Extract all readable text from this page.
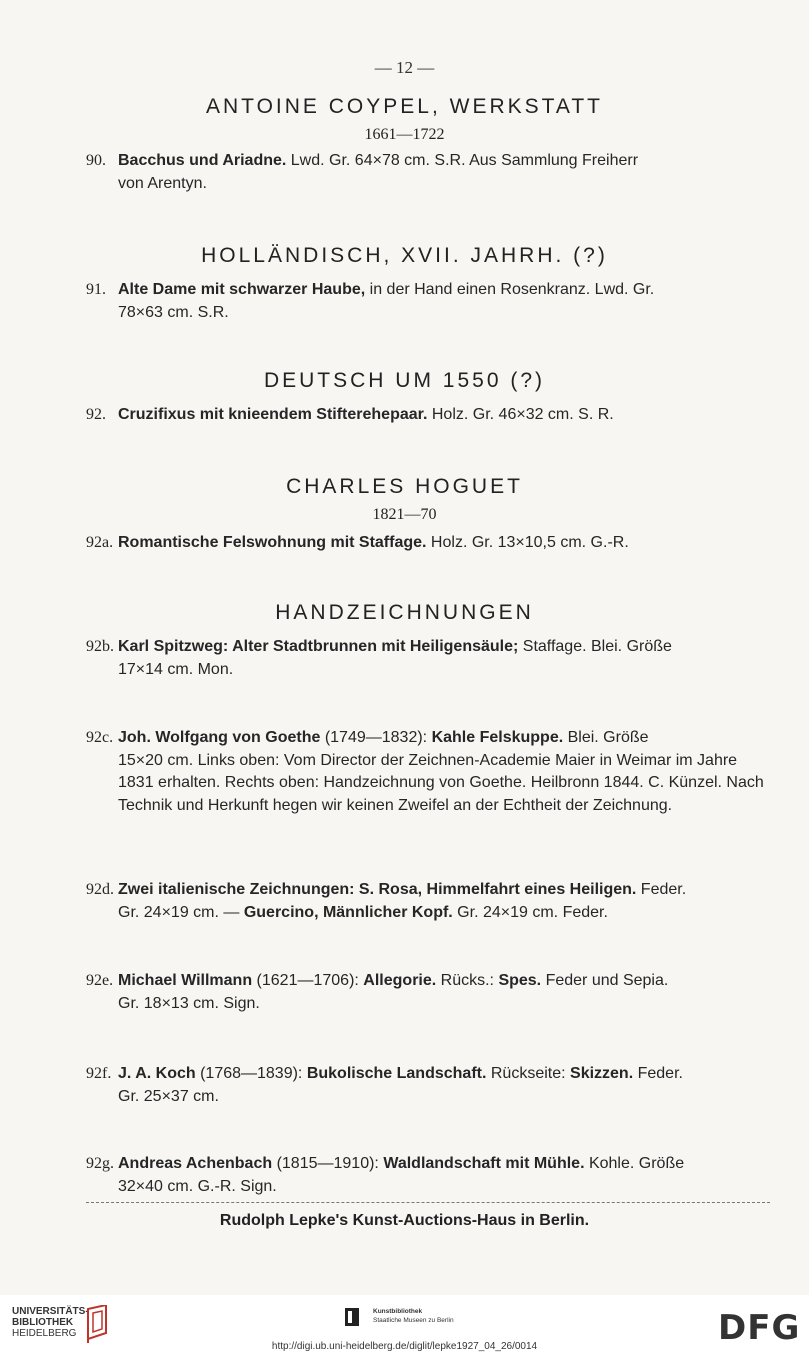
— 12 —
ANTOINE COYPEL, WERKSTATT
1661—1722
90. Bacchus und Ariadne. Lwd. Gr. 64×78 cm. S.R. Aus Sammlung Freiherr
von Arentyn.
HOLLÄNDISCH, XVII. JAHRH. (?)
91. Alte Dame mit schwarzer Haube, in der Hand einen Rosenkranz. Lwd. Gr.
78×63 cm. S.R.
DEUTSCH UM 1550 (?)
92. Cruzifixus mit knieendem Stifterehepaar. Holz. Gr. 46×32 cm. S. R.
CHARLES HOGUET
1821—70
92a. Romantische Felswohnung mit Staffage. Holz. Gr. 13×10,5 cm. G.-R.
HANDZEICHNUNGEN
92b. Karl Spitzweg: Alter Stadtbrunnen mit Heiligensäule; Staffage. Blei. Größe
17×14 cm. Mon.
92c. Joh. Wolfgang von Goethe (1749—1832): Kahle Felskuppe. Blei. Größe
15×20 cm. Links oben: Vom Director der Zeichnen-Academie Maier in Weimar im Jahre 1831 erhalten. Rechts oben: Handzeichnung von Goethe. Heilbronn 1844. C. Künzel. Nach Technik und Herkunft hegen wir keinen Zweifel an der Echtheit der Zeichnung.
92d. Zwei italienische Zeichnungen: S. Rosa, Himmelfahrt eines Heiligen. Feder.
Gr. 24×19 cm. — Guercino, Männlicher Kopf. Gr. 24×19 cm. Feder.
92e. Michael Willmann (1621—1706): Allegorie. Rücks.: Spes. Feder und Sepia.
Gr. 18×13 cm. Sign.
92f. J. A. Koch (1768—1839): Bukolische Landschaft. Rückseite: Skizzen. Feder.
Gr. 25×37 cm.
92g. Andreas Achenbach (1815—1910): Waldlandschaft mit Mühle. Kohle. Größe
32×40 cm. G.-R. Sign.
Rudolph Lepke's Kunst-Auctions-Haus in Berlin.
UNIVERSITÄTS-
BIBLIOTHEK
HEIDELBERG
Kunstbibliothek
Staatliche Museen zu Berlin	DFG
http://digi.ub.uni-heidelberg.de/diglit/lepke1927_04_26/0014
